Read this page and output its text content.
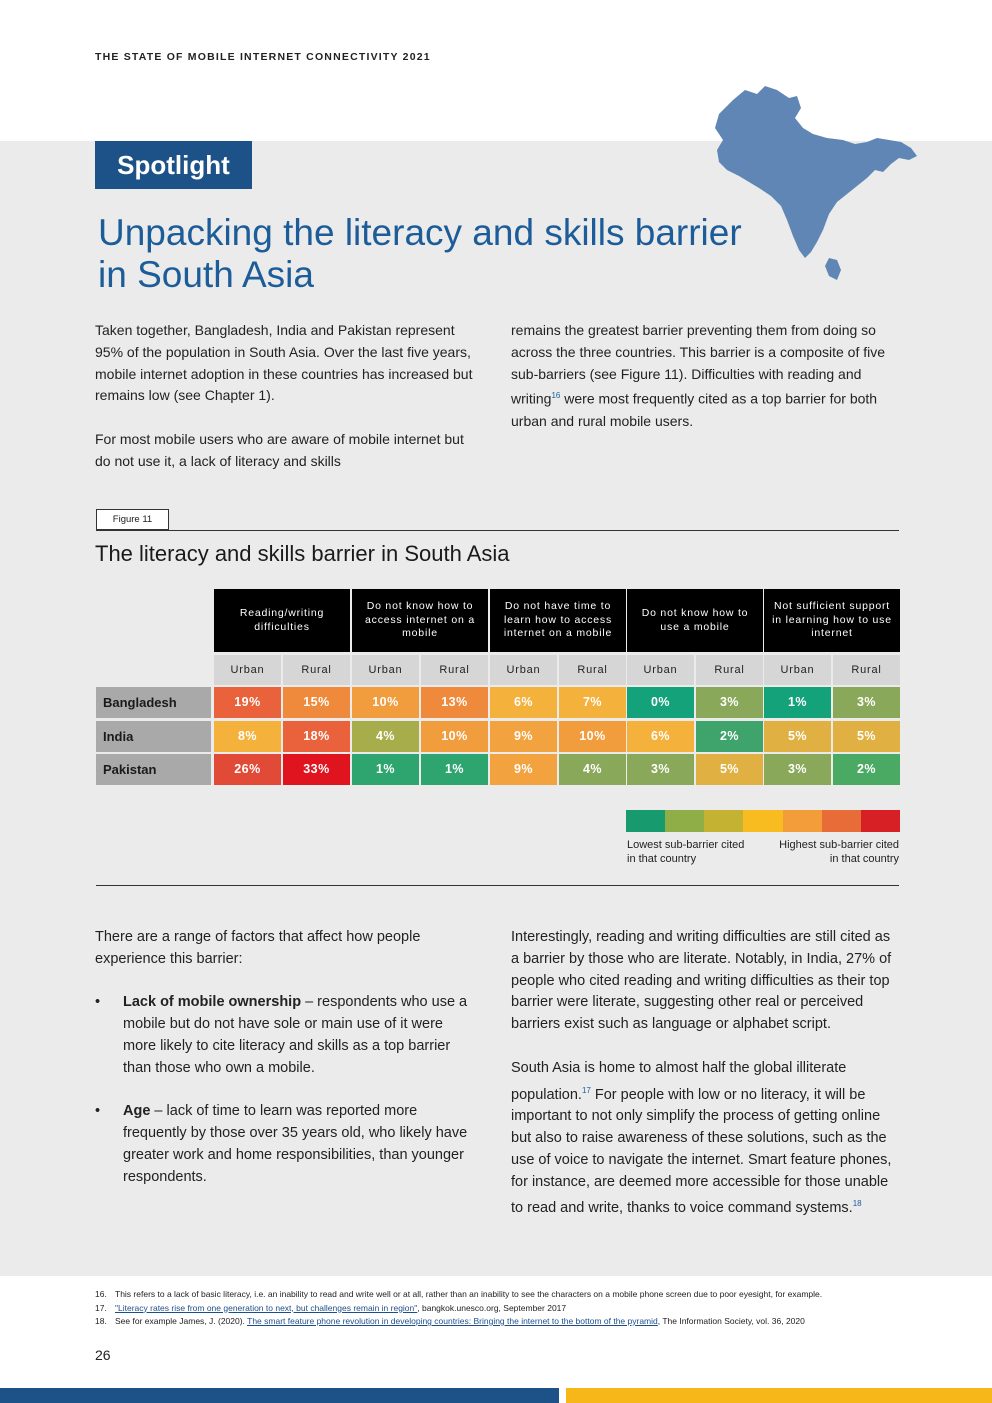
THE STATE OF MOBILE INTERNET CONNECTIVITY 2021
Spotlight
Unpacking the literacy and skills barrier
in South Asia

Taken together, Bangladesh, India and Pakistan represent 95% of the population in South Asia. Over the last five years, mobile internet adoption in these countries has increased but remains low (see Chapter 1).

For most mobile users who are aware of mobile internet but do not use it, a lack of literacy and skills

remains the greatest barrier preventing them from doing so across the three countries. This barrier is a composite of five sub-barriers (see Figure 11). Difficulties with reading and writing$^{16}$ were most frequently cited as a top barrier for both urban and rural mobile users.

Figure 11
The literacy and skills barrier in South Asia
Reading/writing difficulties
Urban	Rural
Do not know how to access internet on a mobile
Urban	Rural
Do not have time to learn how to access internet on a mobile
Urban	Rural
Do not know how to use a mobile
Urban	Rural
Not sufficient support in learning how to use internet
Urban	Rural
Bangladesh	19%	15%	10%	13%	6%	7%	0%	3%	1%	3%
India	8%	18%	4%	10%	9%	10%	6%	2%	5%	5%
Pakistan	26%	33%	1%	1%	9%	4%	3%	5%	3%	2%
Lowest sub-barrier cited in that country
Highest sub-barrier cited in that country

There are a range of factors that affect how people experience this barrier:

• Lack of mobile ownership – respondents who use a mobile but do not have sole or main use of it were more likely to cite literacy and skills as a top barrier than those who own a mobile.
• Age – lack of time to learn was reported more frequently by those over 35 years old, who likely have greater work and home responsibilities, than younger respondents.

Interestingly, reading and writing difficulties are still cited as a barrier by those who are literate. Notably, in India, 27% of people who cited reading and writing difficulties as their top barrier were literate, suggesting other real or perceived barriers exist such as language or alphabet script.

South Asia is home to almost half the global illiterate population.$^{17}$ For people with low or no literacy, it will be important to not only simplify the process of getting online but also to raise awareness of these solutions, such as the use of voice to navigate the internet. Smart feature phones, for instance, are deemed more accessible for those unable to read and write, thanks to voice command systems.$^{18}$

16. This refers to a lack of basic literacy, i.e. an inability to read and write well or at all, rather than an inability to see the characters on a mobile phone screen due to poor eyesight, for example.
17. "Literacy rates rise from one generation to next, but challenges remain in region", bangkok.unesco.org, September 2017
18. See for example James, J. (2020). The smart feature phone revolution in developing countries: Bringing the internet to the bottom of the pyramid, The Information Society, vol. 36, 2020
26
